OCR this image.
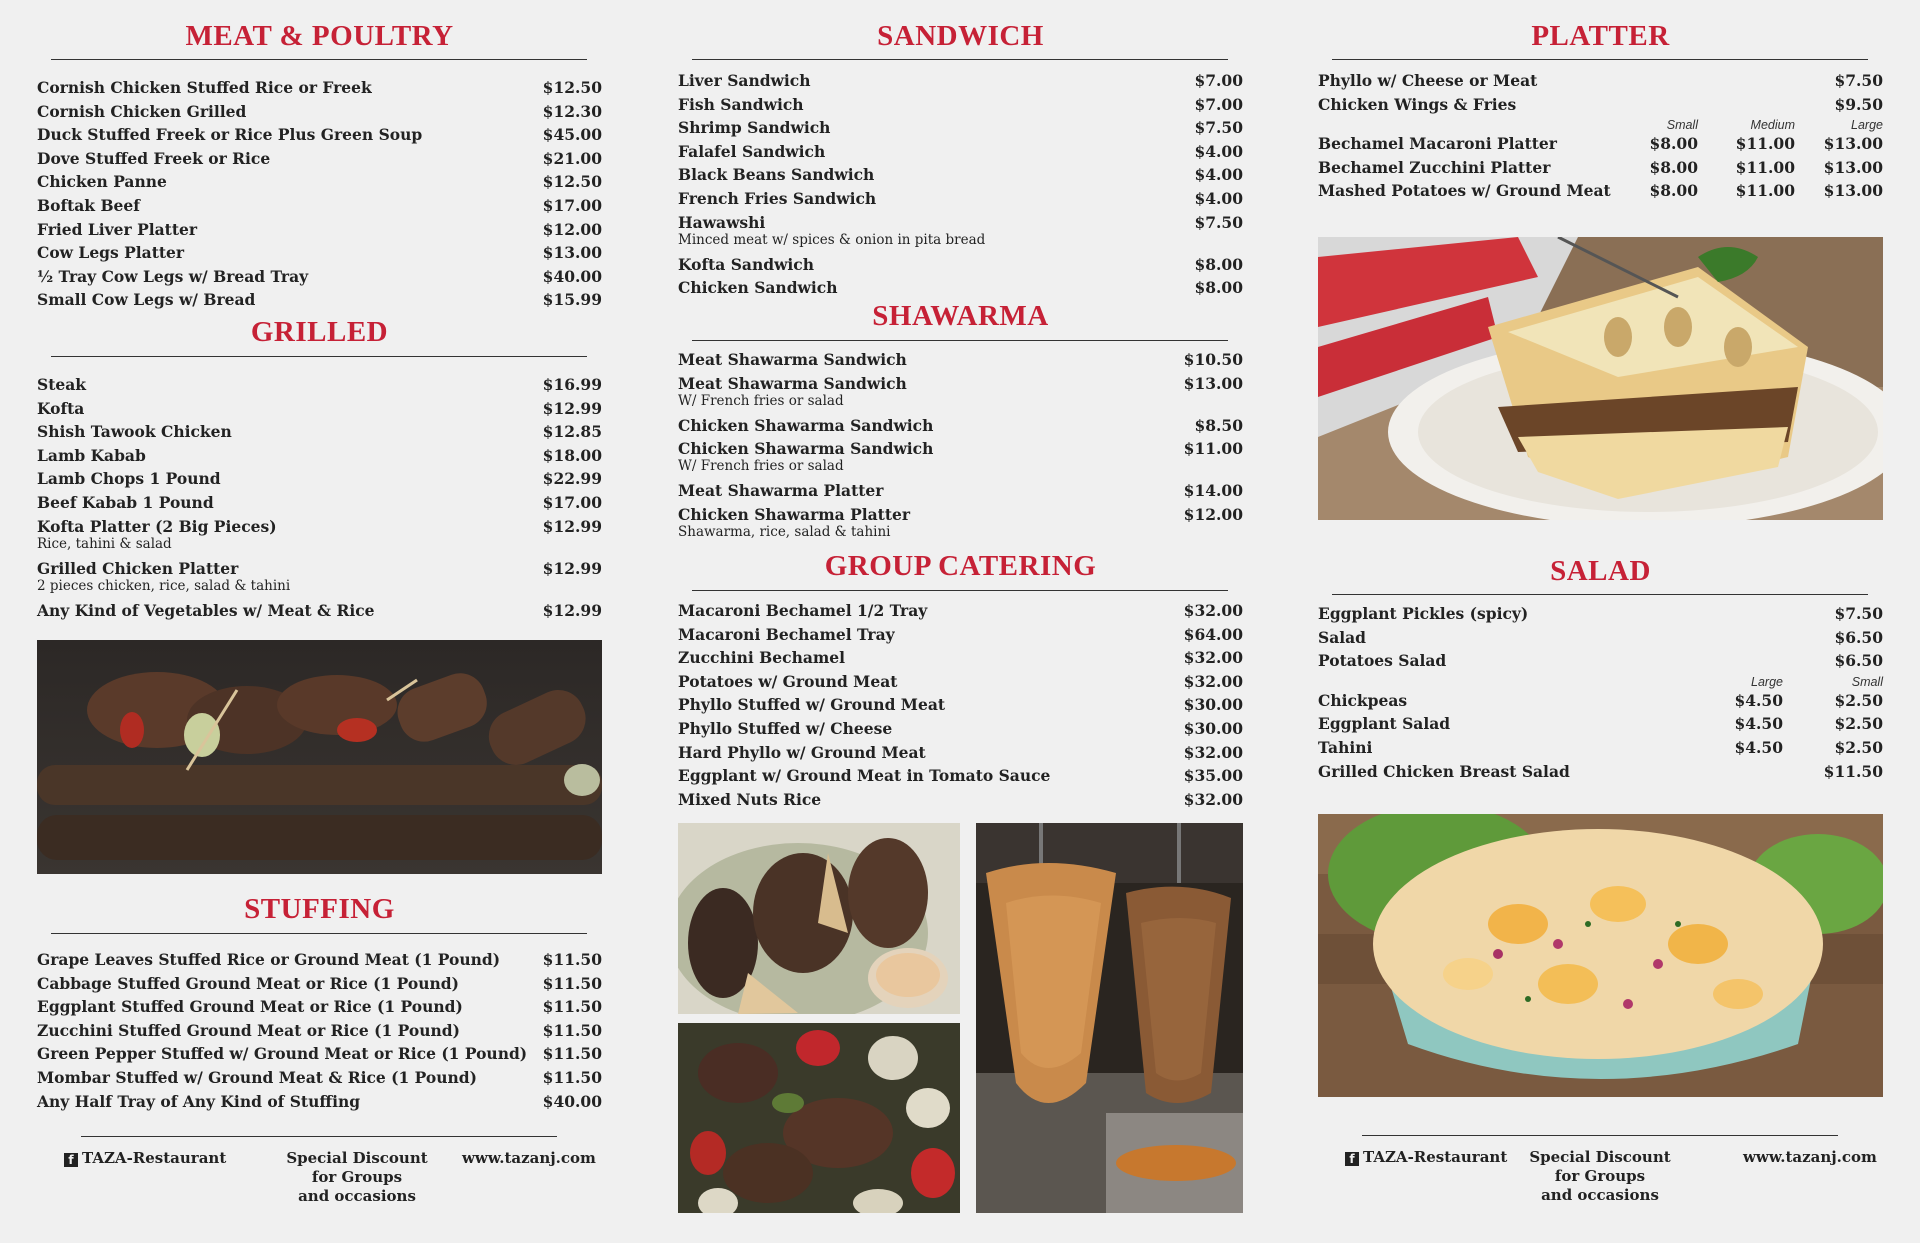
MEAT & POULTRY
Cornish Chicken Stuffed Rice or Freek	$12.50
Cornish Chicken Grilled	$12.30
Duck Stuffed Freek or Rice Plus Green Soup	$45.00
Dove Stuffed Freek or Rice	$21.00
Chicken Panne	$12.50
Boftak Beef	$17.00
Fried Liver Platter	$12.00
Cow Legs Platter	$13.00
½ Tray Cow Legs w/ Bread Tray	$40.00
Small Cow Legs w/ Bread	$15.99
GRILLED
Steak	$16.99
Kofta	$12.99
Shish Tawook Chicken	$12.85
Lamb Kabab	$18.00
Lamb Chops 1 Pound	$22.99
Beef Kabab 1 Pound	$17.00
Kofta Platter (2 Big Pieces)	$12.99
Rice, tahini & salad
Grilled Chicken Platter	$12.99
2 pieces chicken, rice, salad & tahini
Any Kind of Vegetables w/ Meat & Rice	$12.99
STUFFING
Grape Leaves Stuffed Rice or Ground Meat (1 Pound)	$11.50
Cabbage Stuffed Ground Meat or Rice (1 Pound)	$11.50
Eggplant Stuffed Ground Meat or Rice (1 Pound)	$11.50
Zucchini Stuffed Ground Meat or Rice (1 Pound)	$11.50
Green Pepper Stuffed w/ Ground Meat or Rice (1 Pound) $11.50
Mombar Stuffed w/ Ground Meat & Rice (1 Pound)	$11.50
Any Half Tray of Any Kind of Stuffing	$40.00
f TAZA-Restaurant	Special Discount
for Groups
and occasions
www.tazanj.com
SANDWICH
Liver Sandwich	$7.00
Fish Sandwich	$7.00
Shrimp Sandwich	$7.50
Falafel Sandwich	$4.00
Black Beans Sandwich	$4.00
French Fries Sandwich	$4.00
Hawawshi	$7.50
Minced meat w/ spices & onion in pita bread
Kofta Sandwich	$8.00
Chicken Sandwich	$8.00
SHAWARMA
Meat Shawarma Sandwich	$10.50
Meat Shawarma Sandwich	$13.00
W/ French fries or salad
Chicken Shawarma Sandwich	$8.50
Chicken Shawarma Sandwich	$11.00
W/ French fries or salad
Meat Shawarma Platter	$14.00
Chicken Shawarma Platter	$12.00
Shawarma, rice, salad & tahini
GROUP CATERING
Macaroni Bechamel 1/2 Tray	$32.00
Macaroni Bechamel Tray	$64.00
Zucchini Bechamel	$32.00
Potatoes w/ Ground Meat	$32.00
Phyllo Stuffed w/ Ground Meat	$30.00
Phyllo Stuffed w/ Cheese	$30.00
Hard Phyllo w/ Ground Meat	$32.00
Eggplant w/ Ground Meat in Tomato Sauce	$35.00
Mixed Nuts Rice	$32.00
PLATTER
Phyllo w/ Cheese or Meat	$7.50
Chicken Wings & Fries	$9.50
Small	Medium	Large
Bechamel Macaroni Platter	$8.00 $11.00 $13.00
Bechamel Zucchini Platter	$8.00 $11.00 $13.00
Mashed Potatoes w/ Ground Meat	$8.00 $11.00 $13.00
SALAD
Eggplant Pickles (spicy)	$7.50
Salad	$6.50
Potatoes Salad	$6.50
Large	Small
Chickpeas	$4.50	$2.50
Eggplant Salad	$4.50	$2.50
Tahini	$4.50	$2.50
Grilled Chicken Breast Salad	$11.50
f TAZA-Restaurant	Special Discount
for Groups
and occasions
www.tazanj.com
